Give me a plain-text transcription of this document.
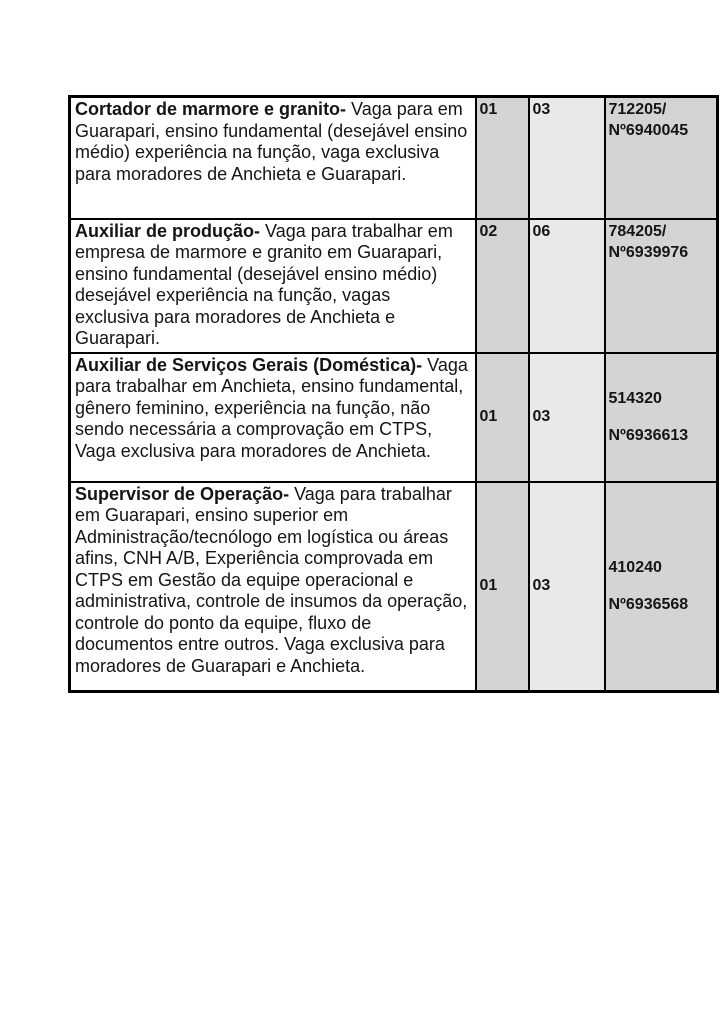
Cortador de marmore e granito- Vaga para em Guarapari, ensino fundamental (desejável ensino médio) experiência na função, vaga exclusiva para moradores de Anchieta e Guarapari.	01	03	712205/
Nº6940045

Auxiliar de produção- Vaga para trabalhar em empresa de marmore e granito em Guarapari, ensino fundamental (desejável ensino médio) desejável experiência na função, vagas exclusiva para moradores de Anchieta e Guarapari.	02	06	784205/
Nº6939976

Auxiliar de Serviços Gerais (Doméstica)- Vaga para trabalhar em Anchieta, ensino fundamental, gênero feminino, experiência na função, não sendo necessária a comprovação em CTPS, Vaga exclusiva para moradores de Anchieta.	01	03	514320
Nº6936613

Supervisor de Operação- Vaga para trabalhar em Guarapari, ensino superior em Administração/tecnólogo em logística ou áreas afins, CNH A/B, Experiência comprovada em CTPS em Gestão da equipe operacional e administrativa, controle de insumos da operação, controle do ponto da equipe, fluxo de documentos entre outros. Vaga exclusiva para moradores de Guarapari e Anchieta.	01	03	410240
Nº6936568
